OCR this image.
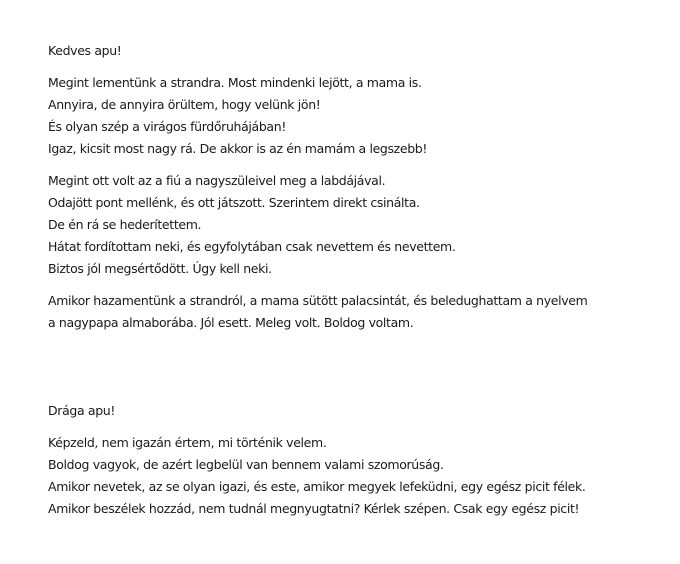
Kedves apu!
Megint lementünk a strandra. Most mindenki lejött, a mama is.
Annyira, de annyira örültem, hogy velünk jön!
És olyan szép a virágos fürdőruhájában!
Igaz, kicsit most nagy rá. De akkor is az én mamám a legszebb!
Megint ott volt az a fiú a nagyszüleivel meg a labdájával.
Odajött pont mellénk, és ott játszott. Szerintem direkt csinálta.
De én rá se hederítettem.
Hátat fordítottam neki, és egyfolytában csak nevettem és nevettem.
Biztos jól megsértődött. Úgy kell neki.
Amikor hazamentünk a strandról, a mama sütött palacsintát, és beledughattam a nyelvem
a nagypapa almaborába. Jól esett. Meleg volt. Boldog voltam.
Drága apu!
Képzeld, nem igazán értem, mi történik velem.
Boldog vagyok, de azért legbelül van bennem valami szomorúság.
Amikor nevetek, az se olyan igazi, és este, amikor megyek lefeküdni, egy egész picit félek.
Amikor beszélek hozzád, nem tudnál megnyugtatni? Kérlek szépen. Csak egy egész picit!
